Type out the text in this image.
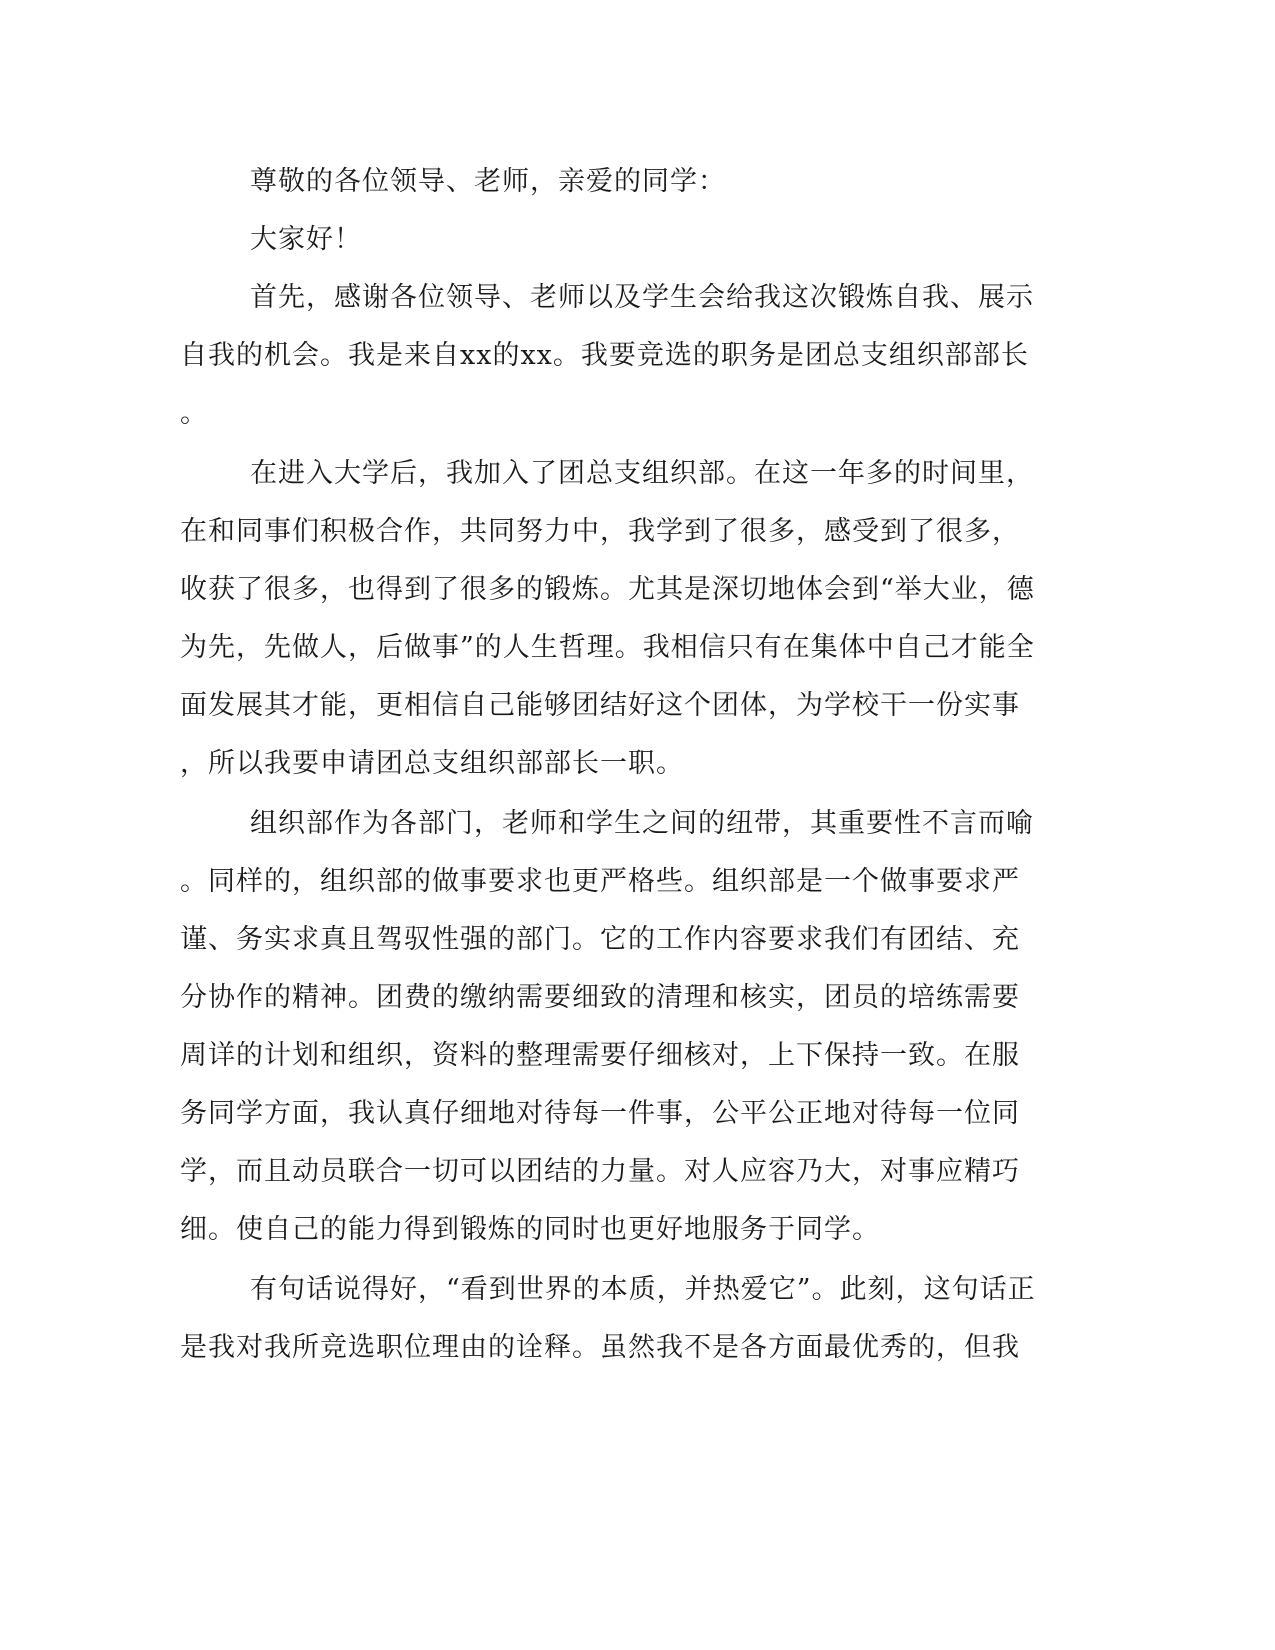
尊敬的各位领导、老师，亲爱的同学：
大家好！
首先，感谢各位领导、老师以及学生会给我这次锻炼自我、展示
自我的机会。我是来自xx的xx。我要竞选的职务是团总支组织部部长
。
在进入大学后，我加入了团总支组织部。在这一年多的时间里，
在和同事们积极合作，共同努力中，我学到了很多，感受到了很多，
收获了很多，也得到了很多的锻炼。尤其是深切地体会到“举大业，德
为先，先做人，后做事”的人生哲理。我相信只有在集体中自己才能全
面发展其才能，更相信自己能够团结好这个团体，为学校干一份实事
，所以我要申请团总支组织部部长一职。
组织部作为各部门，老师和学生之间的纽带，其重要性不言而喻
。同样的，组织部的做事要求也更严格些。组织部是一个做事要求严
谨、务实求真且驾驭性强的部门。它的工作内容要求我们有团结、充
分协作的精神。团费的缴纳需要细致的清理和核实，团员的培练需要
周详的计划和组织，资料的整理需要仔细核对，上下保持一致。在服
务同学方面，我认真仔细地对待每一件事，公平公正地对待每一位同
学，而且动员联合一切可以团结的力量。对人应容乃大，对事应精巧
细。使自己的能力得到锻炼的同时也更好地服务于同学。
有句话说得好，“看到世界的本质，并热爱它”。此刻，这句话正
是我对我所竞选职位理由的诠释。虽然我不是各方面最优秀的，但我
